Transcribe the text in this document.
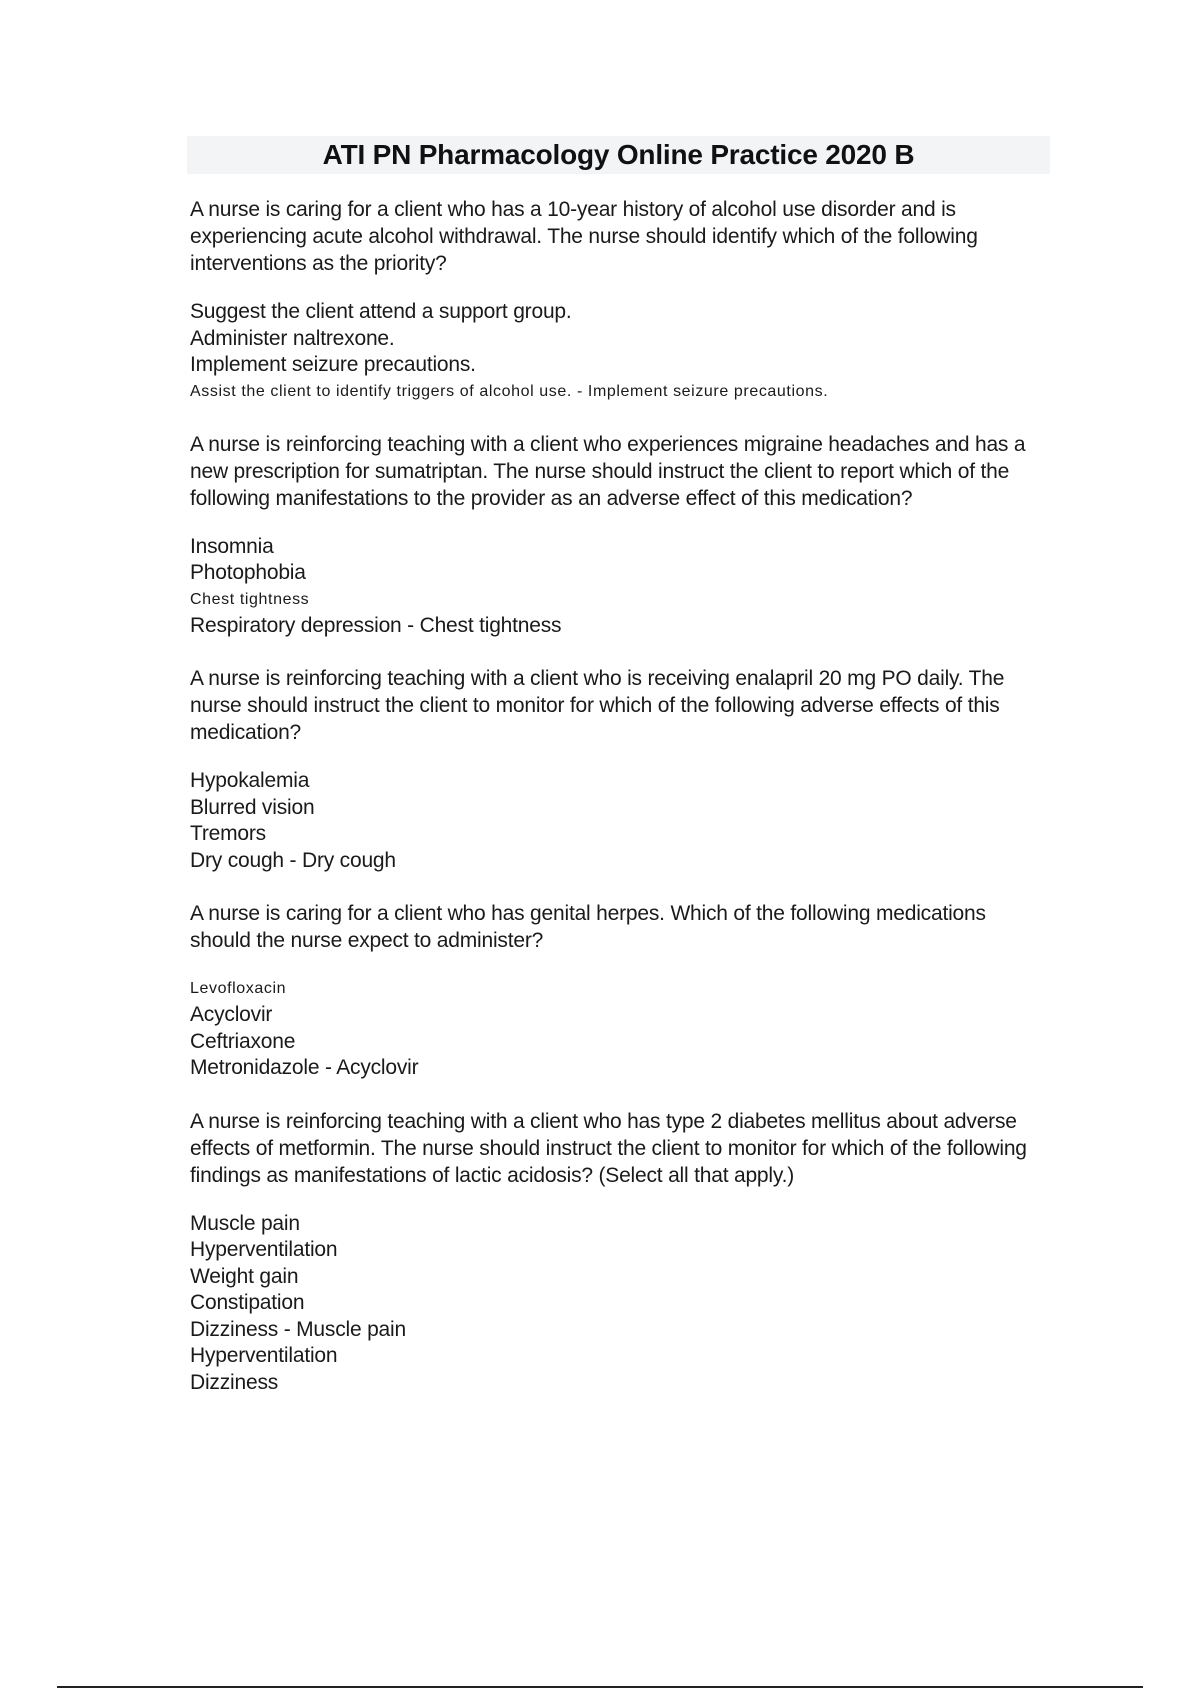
ATI PN Pharmacology Online Practice 2020 B

A nurse is caring for a client who has a 10-year history of alcohol use disorder and is experiencing acute alcohol withdrawal. The nurse should identify which of the following interventions as the priority?

Suggest the client attend a support group.
Administer naltrexone.
Implement seizure precautions.
Assist the client to identify triggers of alcohol use. - Implement seizure precautions.

A nurse is reinforcing teaching with a client who experiences migraine headaches and has a new prescription for sumatriptan. The nurse should instruct the client to report which of the following manifestations to the provider as an adverse effect of this medication?

Insomnia
Photophobia
Chest tightness
Respiratory depression - Chest tightness

A nurse is reinforcing teaching with a client who is receiving enalapril 20 mg PO daily. The nurse should instruct the client to monitor for which of the following adverse effects of this medication?

Hypokalemia
Blurred vision
Tremors
Dry cough - Dry cough

A nurse is caring for a client who has genital herpes. Which of the following medications should the nurse expect to administer?

Levofloxacin
Acyclovir
Ceftriaxone
Metronidazole - Acyclovir

A nurse is reinforcing teaching with a client who has type 2 diabetes mellitus about adverse effects of metformin. The nurse should instruct the client to monitor for which of the following findings as manifestations of lactic acidosis? (Select all that apply.)

Muscle pain
Hyperventilation
Weight gain
Constipation
Dizziness - Muscle pain
Hyperventilation
Dizziness
